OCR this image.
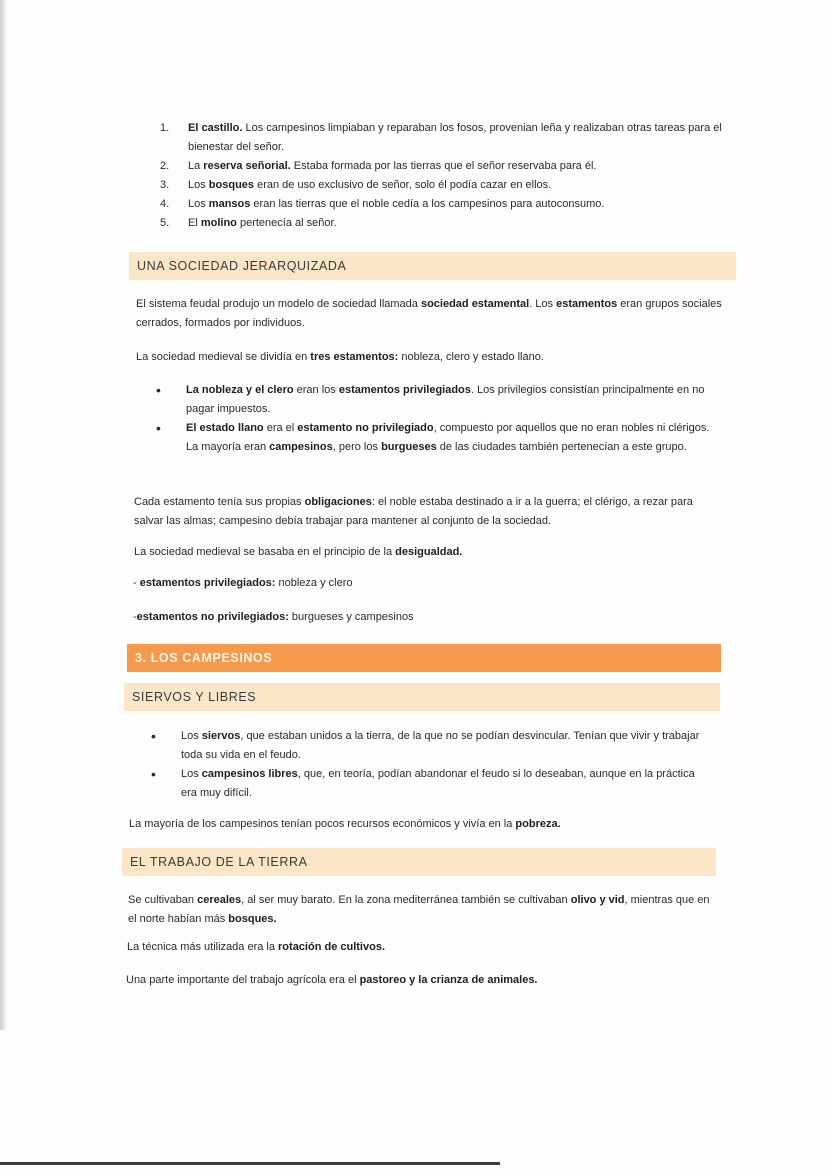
1.	El castillo. Los campesinos limpiaban y reparaban los fosos, provenian leña y realizaban otras tareas para el bienestar del señor.
2.	La reserva señorial. Estaba formada por las tierras que el señor reservaba para él.
3.	Los bosques eran de uso exclusivo de señor, solo él podía cazar en ellos.
4.	Los mansos eran las tierras que el noble cedía a los campesinos para autoconsumo.
5.	El molino pertenecía al señor.
UNA SOCIEDAD JERARQUIZADA
El sistema feudal produjo un modelo de sociedad llamada sociedad estamental. Los estamentos eran grupos sociales cerrados, formados por individuos.
La sociedad medieval se dividía en tres estamentos: nobleza, clero y estado llano.
•	La nobleza y el clero eran los estamentos privilegiados. Los privilegios consistían principalmente en no pagar impuestos.
•	El estado llano era el estamento no privilegiado, compuesto por aquellos que no eran nobles ni clérigos. La mayoría eran campesinos, pero los burgueses de las ciudades también pertenecían a este grupo.
Cada estamento tenía sus propias obligaciones: el noble estaba destinado a ir a la guerra; el clérigo, a rezar para salvar las almas; campesino debía trabajar para mantener al conjunto de la sociedad.
La sociedad medieval se basaba en el principio de la desigualdad.
- estamentos privilegiados: nobleza y clero
-estamentos no privilegiados: burgueses y campesinos
3. LOS CAMPESINOS
SIERVOS Y LIBRES
•	Los siervos, que estaban unidos a la tierra, de la que no se podían desvincular. Tenían que vivir y trabajar toda su vida en el feudo.
•	Los campesinos libres, que, en teoría, podían abandonar el feudo si lo deseaban, aunque en la práctica era muy difícil.
La mayoría de los campesinos tenían pocos recursos económicos y vivía en la pobreza.
EL TRABAJO DE LA TIERRA
Se cultivaban cereales, al ser muy barato. En la zona mediterránea también se cultivaban olivo y vid, mientras que en el norte habían más bosques.
La técnica más utilizada era la rotación de cultivos.
Una parte importante del trabajo agrícola era el pastoreo y la crianza de animales.
